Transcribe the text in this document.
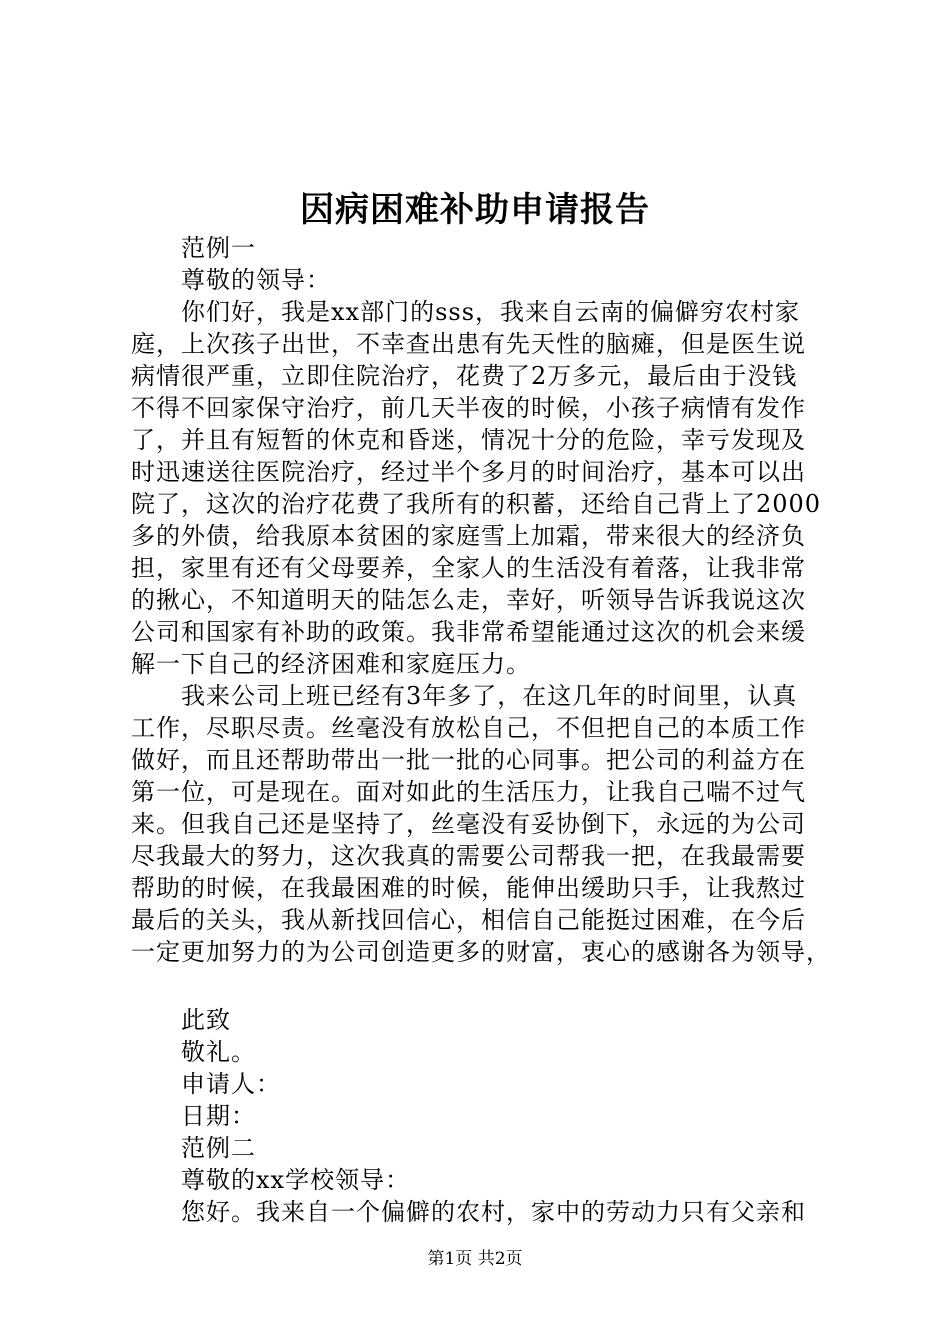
因病困难补助申请报告
范例一
尊敬的领导：
你们好，我是xx部门的sss，我来自云南的偏僻穷农村家
庭，上次孩子出世，不幸查出患有先天性的脑瘫，但是医生说
病情很严重，立即住院治疗，花费了2万多元，最后由于没钱
不得不回家保守治疗，前几天半夜的时候，小孩子病情有发作
了，并且有短暂的休克和昏迷，情况十分的危险，幸亏发现及
时迅速送往医院治疗，经过半个多月的时间治疗，基本可以出
院了，这次的治疗花费了我所有的积蓄，还给自己背上了2000
多的外债，给我原本贫困的家庭雪上加霜，带来很大的经济负
担，家里有还有父母要养，全家人的生活没有着落，让我非常
的揪心，不知道明天的陆怎么走，幸好，听领导告诉我说这次
公司和国家有补助的政策。我非常希望能通过这次的机会来缓
解一下自己的经济困难和家庭压力。
我来公司上班已经有3年多了，在这几年的时间里，认真
工作，尽职尽责。丝毫没有放松自己，不但把自己的本质工作
做好，而且还帮助带出一批一批的心同事。把公司的利益方在
第一位，可是现在。面对如此的生活压力，让我自己喘不过气
来。但我自己还是坚持了，丝毫没有妥协倒下，永远的为公司
尽我最大的努力，这次我真的需要公司帮我一把，在我最需要
帮助的时候，在我最困难的时候，能伸出缓助只手，让我熬过
最后的关头，我从新找回信心，相信自己能挺过困难，在今后
一定更加努力的为公司创造更多的财富，衷心的感谢各为领导，
此致
敬礼。
申请人：
日期：
范例二
尊敬的xx学校领导：
您好。我来自一个偏僻的农村，家中的劳动力只有父亲和
第1页 共2页
